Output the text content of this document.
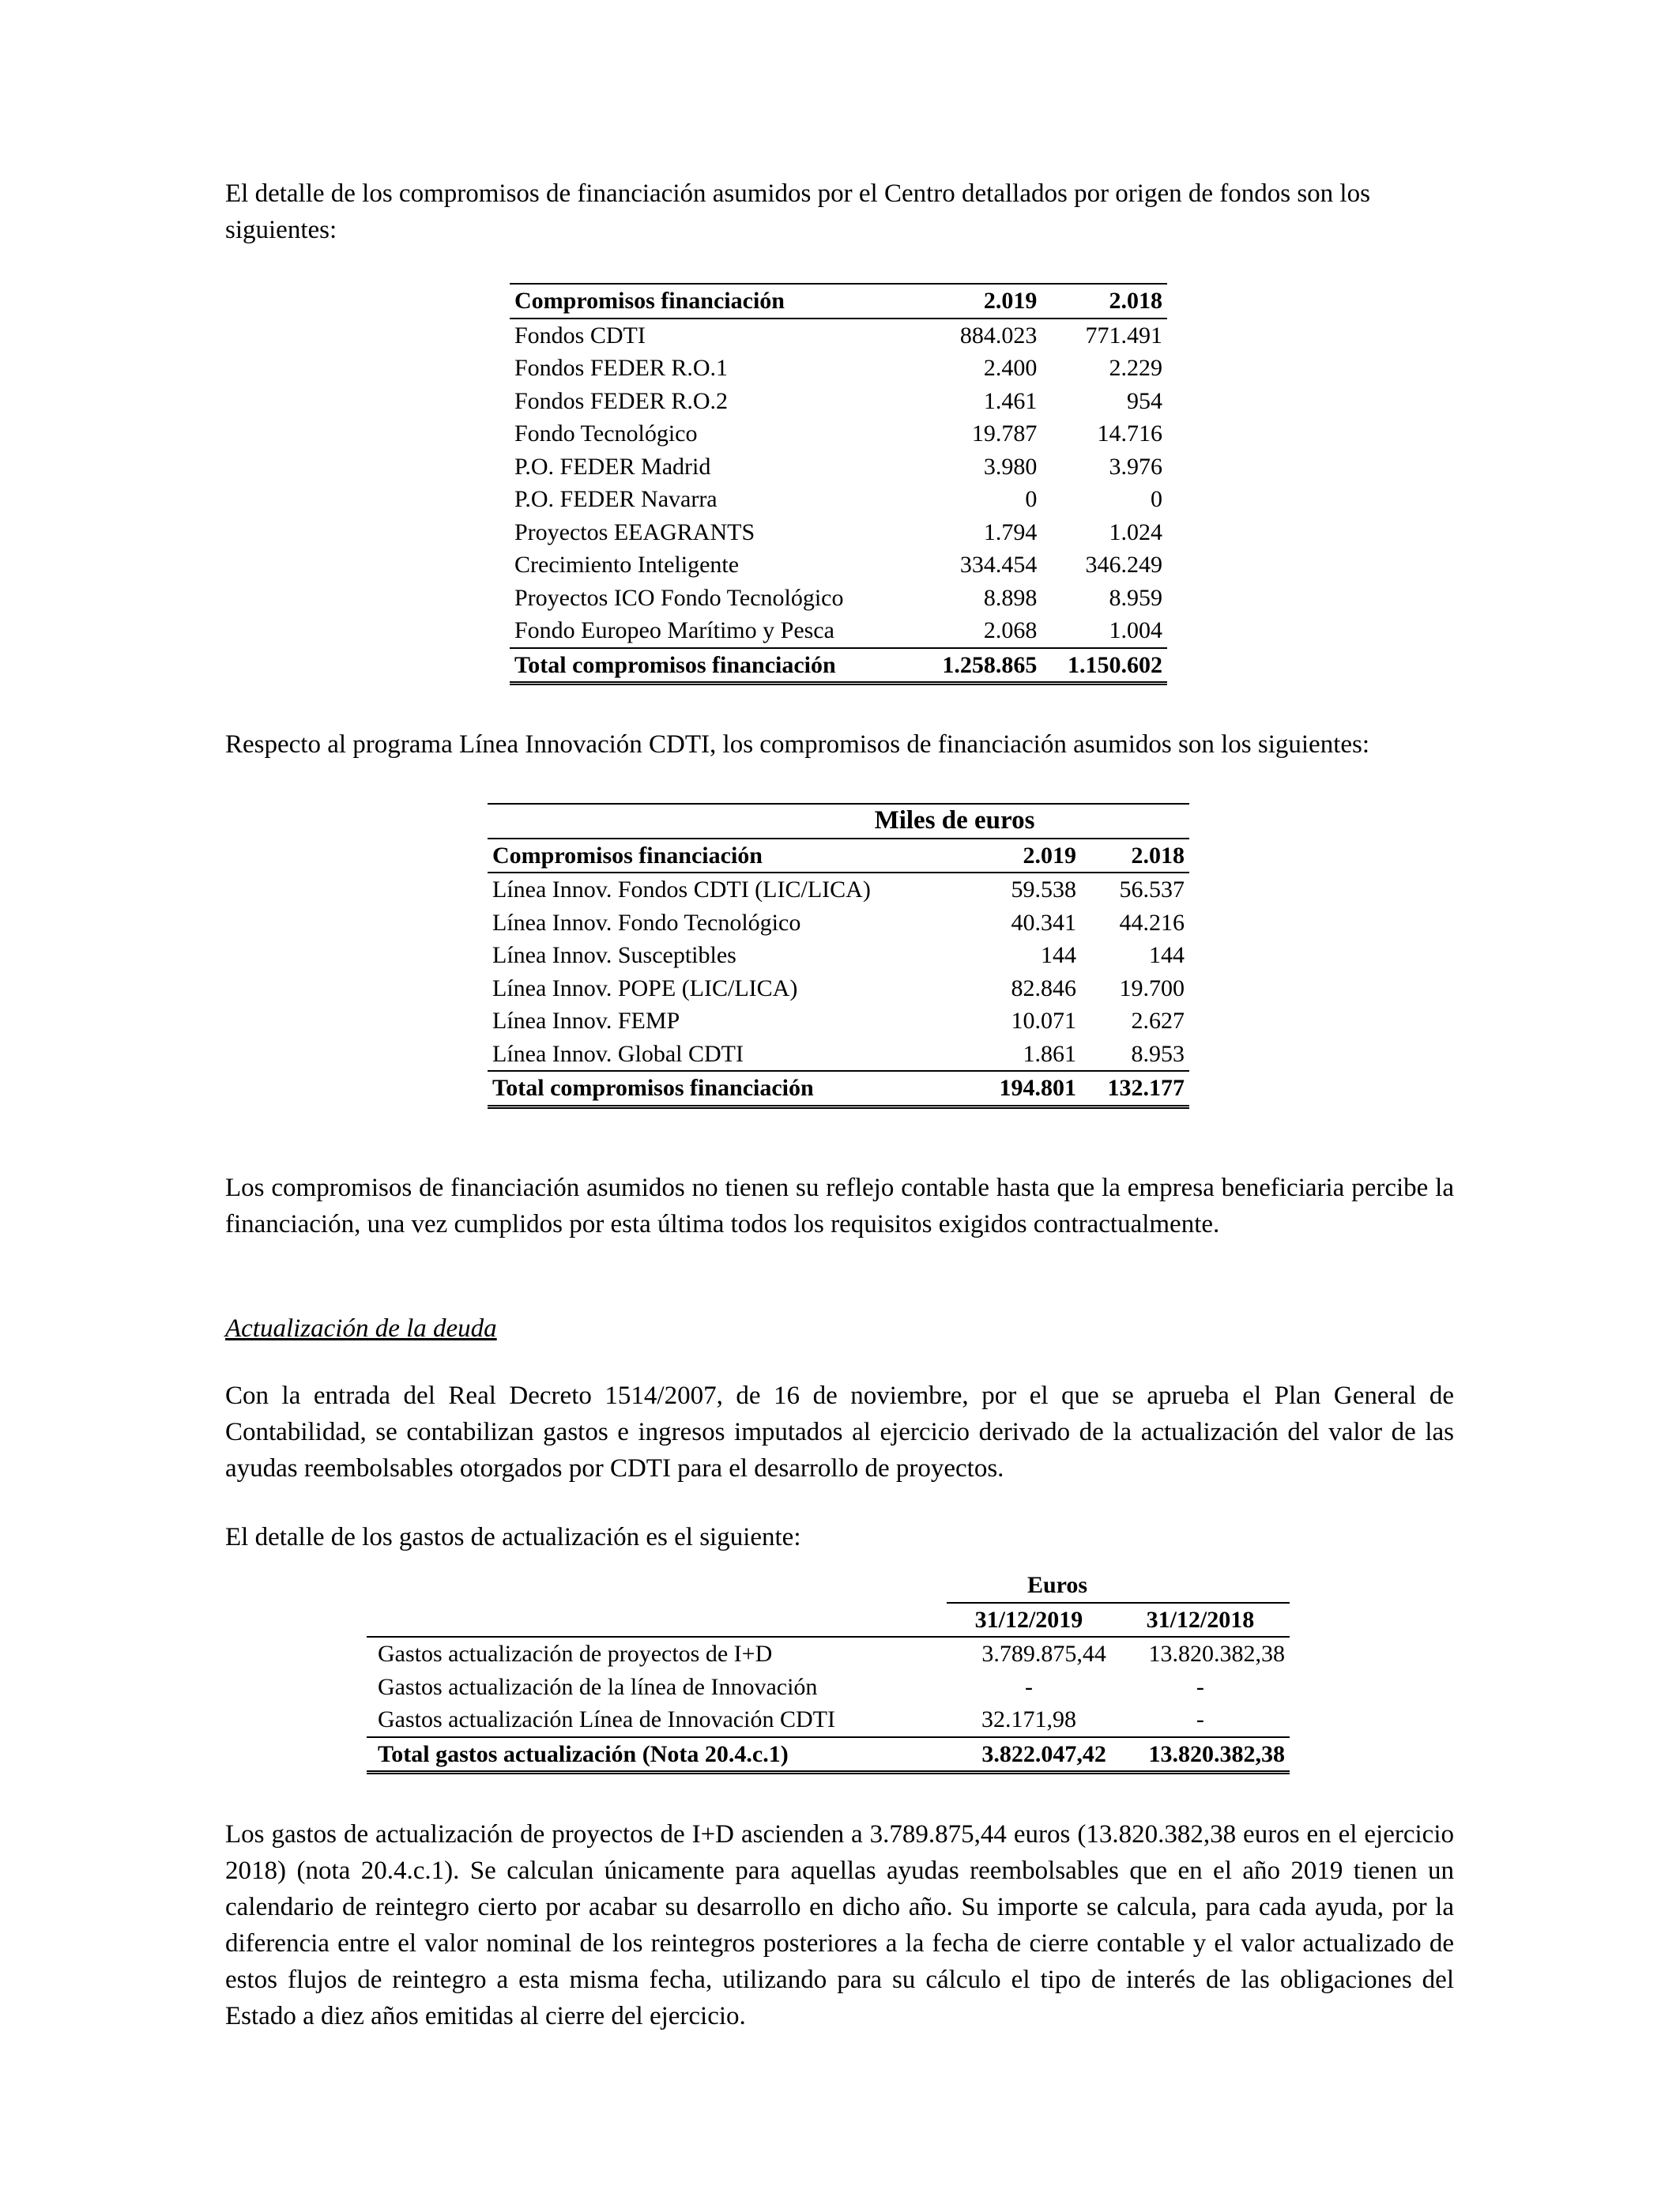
El detalle de los compromisos de financiación asumidos por el Centro detallados por origen de fondos son los siguientes:

Compromisos financiación	2.019	2.018
Fondos CDTI	884.023	771.491
Fondos FEDER R.O.1	2.400	2.229
Fondos FEDER R.O.2	1.461	954
Fondo Tecnológico	19.787	14.716
P.O. FEDER Madrid	3.980	3.976
P.O. FEDER Navarra	0	0
Proyectos EEAGRANTS	1.794	1.024
Crecimiento Inteligente	334.454	346.249
Proyectos ICO Fondo Tecnológico	8.898	8.959
Fondo Europeo Marítimo y Pesca	2.068	1.004
Total compromisos financiación	1.258.865	1.150.602

Respecto al programa Línea Innovación CDTI, los compromisos de financiación asumidos son los siguientes:

Miles de euros		
Compromisos financiación	2.019	2.018
Línea Innov. Fondos CDTI (LIC/LICA)	59.538	56.537
Línea Innov. Fondo Tecnológico	40.341	44.216
Línea Innov. Susceptibles	144	144
Línea Innov. POPE (LIC/LICA)	82.846	19.700
Línea Innov. FEMP	10.071	2.627
Línea Innov. Global CDTI	1.861	8.953
Total compromisos financiación	194.801	132.177

Los compromisos de financiación asumidos no tienen su reflejo contable hasta que la empresa beneficiaria percibe la financiación, una vez cumplidos por esta última todos los requisitos exigidos contractualmente.

Actualización de la deuda

Con la entrada del Real Decreto 1514/2007, de 16 de noviembre, por el que se aprueba el Plan General de Contabilidad, se contabilizan gastos e ingresos imputados al ejercicio derivado de la actualización del valor de las ayudas reembolsables otorgados por CDTI para el desarrollo de proyectos.

El detalle de los gastos de actualización es el siguiente:

	Euros	
	31/12/2019	31/12/2018
Gastos actualización de proyectos de I+D	3.789.875,44	13.820.382,38
Gastos actualización de la línea de Innovación	-	-
Gastos actualización Línea de Innovación CDTI	32.171,98	-
Total gastos actualización (Nota 20.4.c.1)	3.822.047,42	13.820.382,38

Los gastos de actualización de proyectos de I+D ascienden a 3.789.875,44 euros (13.820.382,38 euros en el ejercicio 2018) (nota 20.4.c.1). Se calculan únicamente para aquellas ayudas reembolsables que en el año 2019 tienen un calendario de reintegro cierto por acabar su desarrollo en dicho año. Su importe se calcula, para cada ayuda, por la diferencia entre el valor nominal de los reintegros posteriores a la fecha de cierre contable y el valor actualizado de estos flujos de reintegro a esta misma fecha, utilizando para su cálculo el tipo de interés de las obligaciones del Estado a diez años emitidas al cierre del ejercicio.
